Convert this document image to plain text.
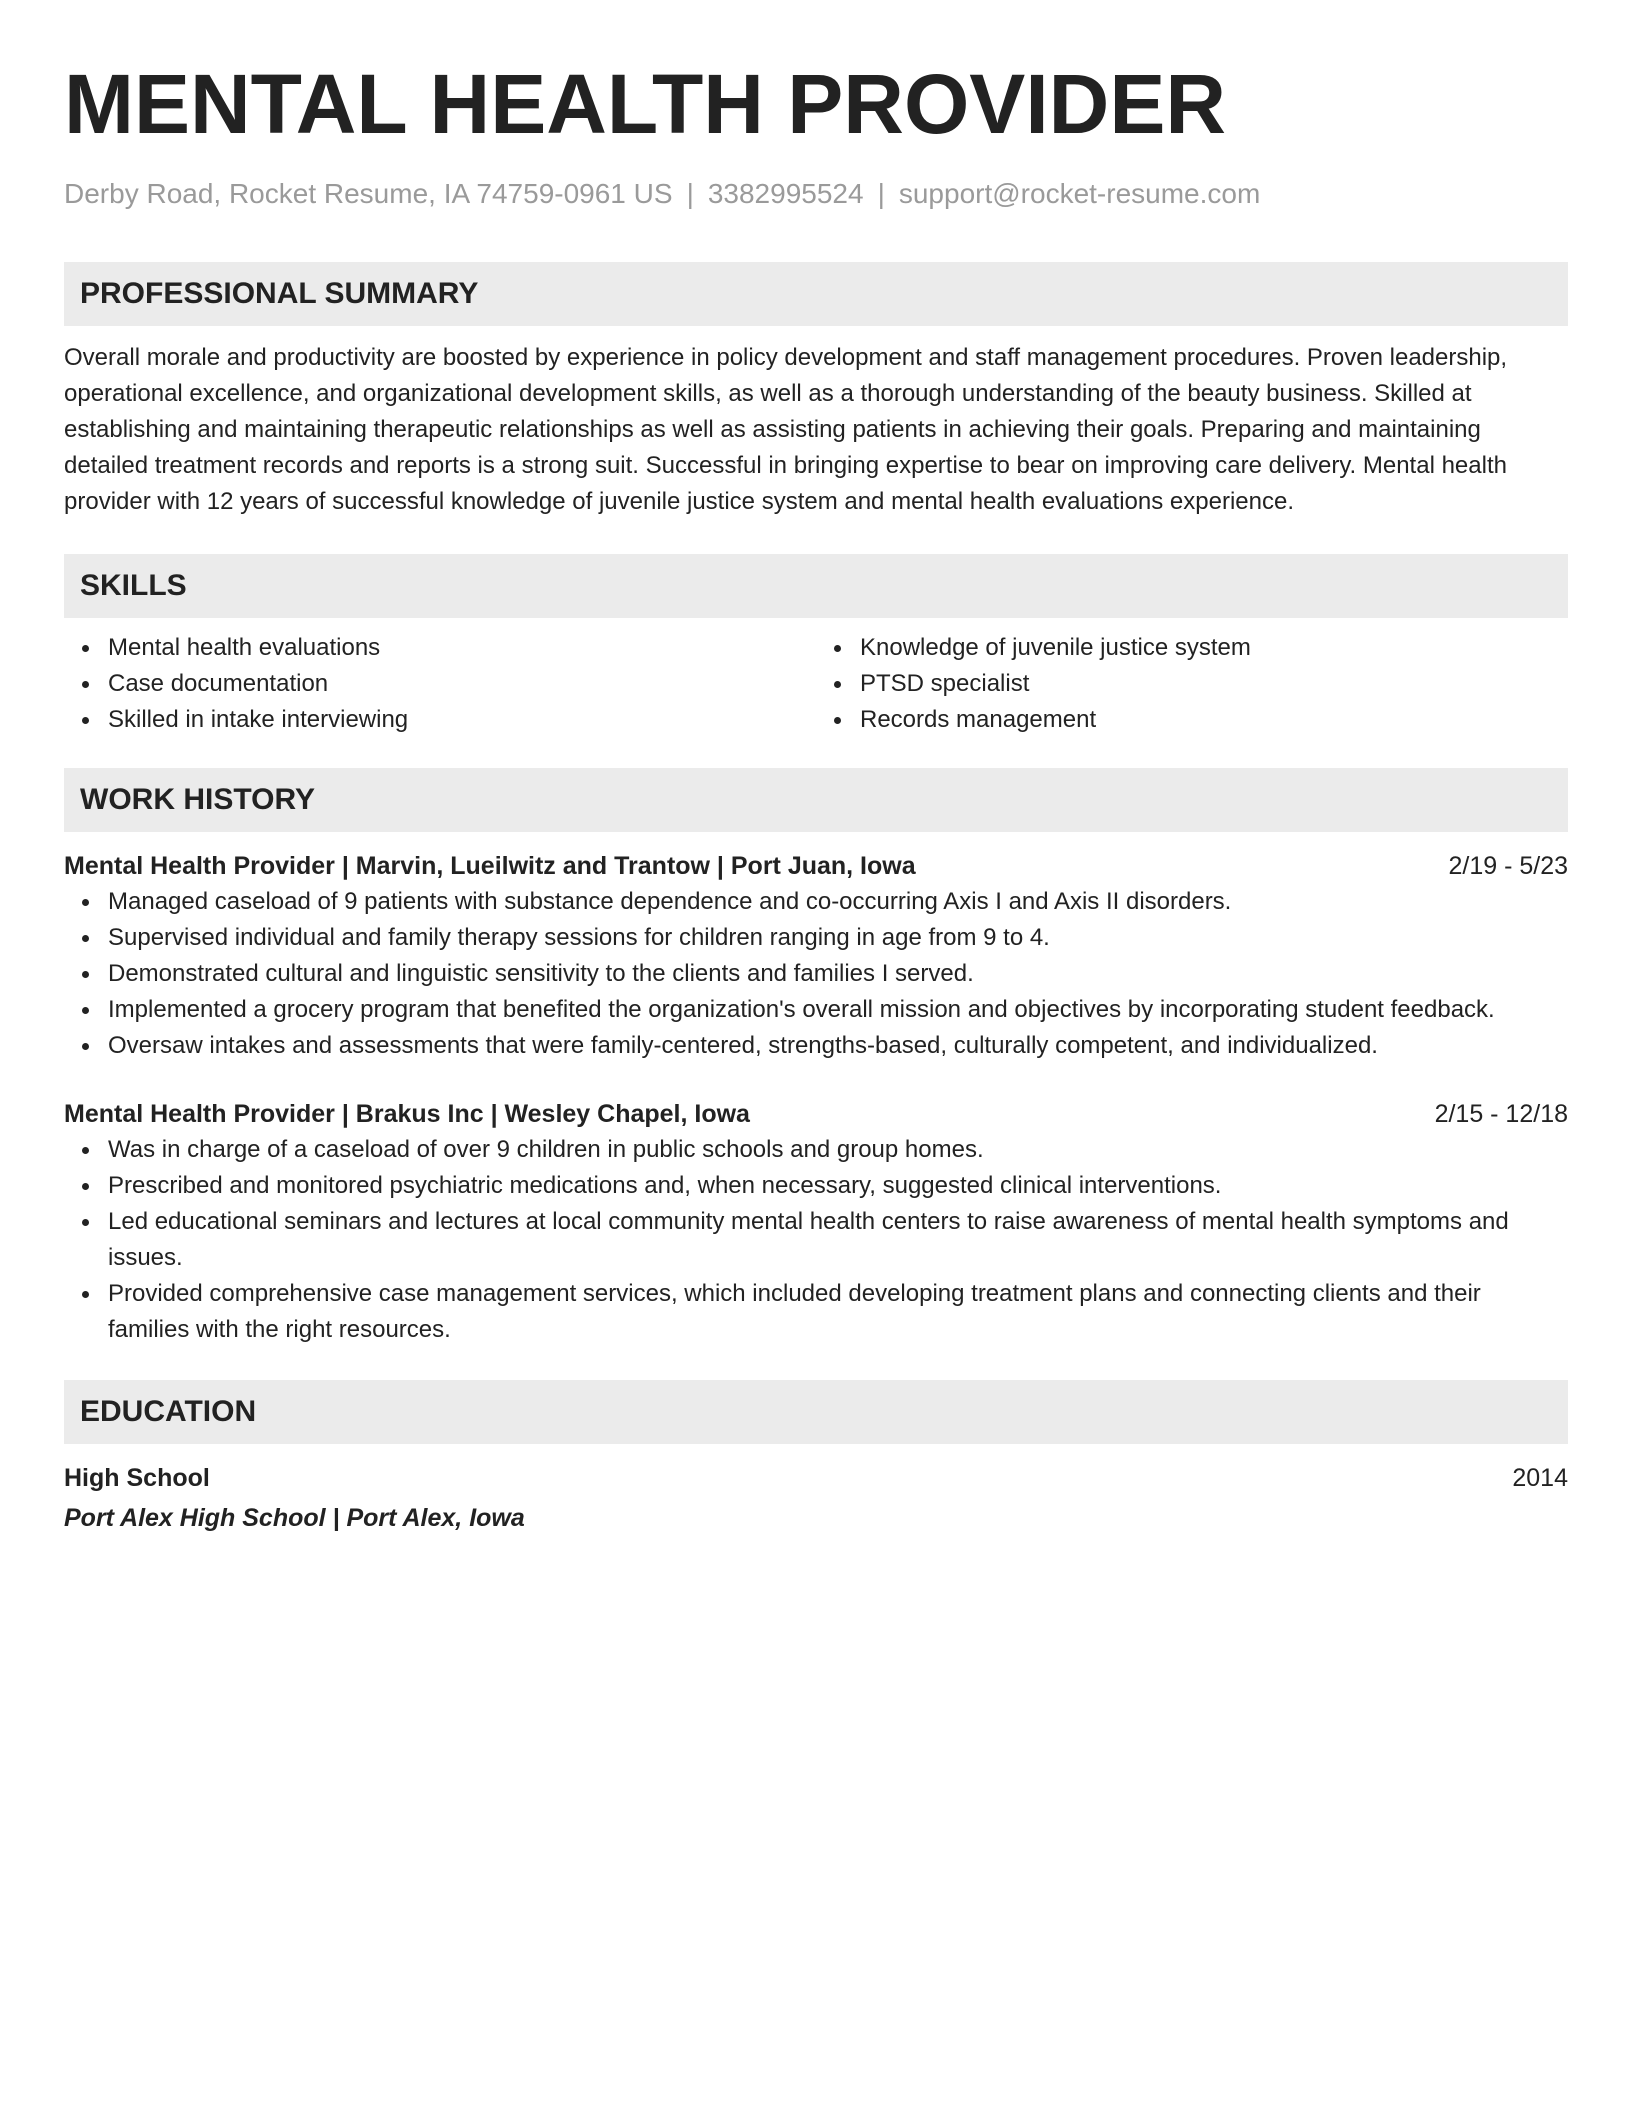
MENTAL HEALTH PROVIDER
Derby Road, Rocket Resume, IA 74759-0961 US | 3382995524 | support@rocket-resume.com
PROFESSIONAL SUMMARY
Overall morale and productivity are boosted by experience in policy development and staff management procedures. Proven leadership, operational excellence, and organizational development skills, as well as a thorough understanding of the beauty business. Skilled at establishing and maintaining therapeutic relationships as well as assisting patients in achieving their goals. Preparing and maintaining detailed treatment records and reports is a strong suit. Successful in bringing expertise to bear on improving care delivery. Mental health provider with 12 years of successful knowledge of juvenile justice system and mental health evaluations experience.
SKILLS
Mental health evaluations
Case documentation
Skilled in intake interviewing
Knowledge of juvenile justice system
PTSD specialist
Records management
WORK HISTORY
Mental Health Provider | Marvin, Lueilwitz and Trantow | Port Juan, Iowa	2/19 - 5/23
Managed caseload of 9 patients with substance dependence and co-occurring Axis I and Axis II disorders.
Supervised individual and family therapy sessions for children ranging in age from 9 to 4.
Demonstrated cultural and linguistic sensitivity to the clients and families I served.
Implemented a grocery program that benefited the organization's overall mission and objectives by incorporating student feedback.
Oversaw intakes and assessments that were family-centered, strengths-based, culturally competent, and individualized.
Mental Health Provider | Brakus Inc | Wesley Chapel, Iowa	2/15 - 12/18
Was in charge of a caseload of over 9 children in public schools and group homes.
Prescribed and monitored psychiatric medications and, when necessary, suggested clinical interventions.
Led educational seminars and lectures at local community mental health centers to raise awareness of mental health symptoms and issues.
Provided comprehensive case management services, which included developing treatment plans and connecting clients and their families with the right resources.
EDUCATION
High School	2014
Port Alex High School | Port Alex, Iowa
